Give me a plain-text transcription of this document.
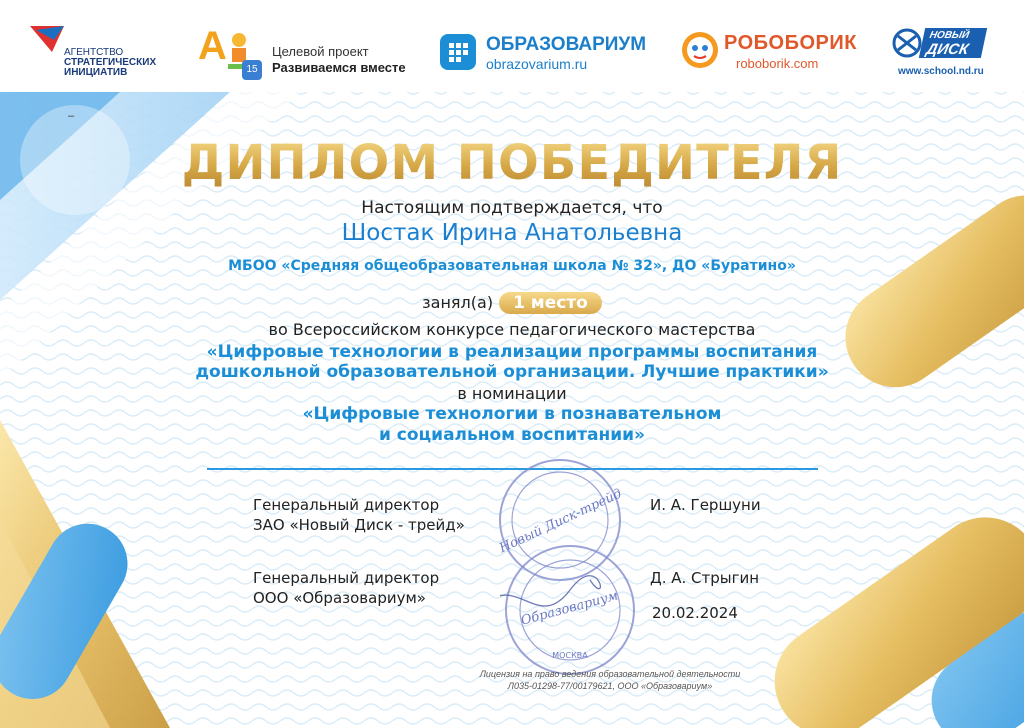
АГЕНТСТВО
СТРАТЕГИЧЕСКИХ
ИНИЦИАТИВ
–
А
15
Целевой проект
Развиваемся вместе
ОБРАЗОВАРИУМ
obrazovarium.ru
РОБОБОРИК
roboborik.com
НОВЫЙ
ДИСК
www.school.nd.ru
ДИПЛОМ ПОБЕДИТЕЛЯ
Настоящим подтверждается, что
Шостак Ирина Анатольевна
МБОО «Средняя общеобразовательная школа № 32», ДО «Буратино»
занял(а) 1 место
во Всероссийском конкурсе педагогического мастерства
«Цифровые технологии в реализации программы воспитания
дошкольной образовательной организации. Лучшие практики»
в номинации
«Цифровые технологии в познавательном
и социальном воспитании»
Новый Диск-трейд
Образовариум
МОСКВА
Генеральный директор
ЗАО «Новый Диск - трейд»
И. А. Гершуни
Генеральный директор
ООО «Образовариум»
Д. А. Стрыгин
20.02.2024
Лицензия на право ведения образовательной деятельности
Л035-01298-77/00179621, ООО «Образовариум»
